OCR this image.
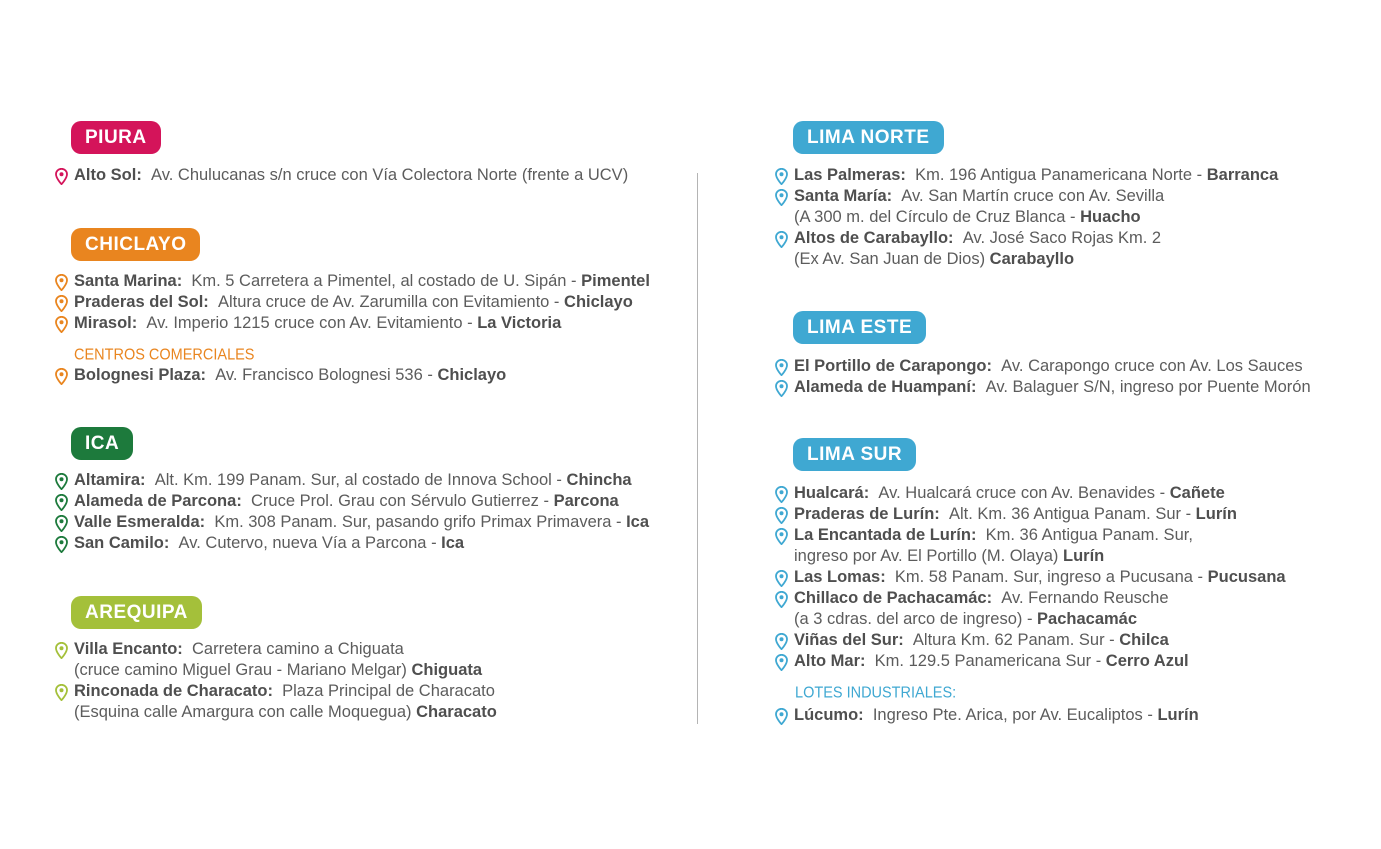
PIURA
Alto Sol:  Av. Chulucanas s/n cruce con Vía Colectora Norte (frente a UCV)
CHICLAYO
Santa Marina:  Km. 5 Carretera a Pimentel, al costado de U. Sipán - Pimentel
Praderas del Sol:  Altura cruce de Av. Zarumilla con Evitamiento - Chiclayo
Mirasol:  Av. Imperio 1215 cruce con Av. Evitamiento - La Victoria
CENTROS COMERCIALES
Bolognesi Plaza:  Av. Francisco Bolognesi 536 - Chiclayo
ICA
Altamira:  Alt. Km. 199 Panam. Sur, al costado de Innova School - Chincha
Alameda de Parcona:  Cruce Prol. Grau con Sérvulo Gutierrez - Parcona
Valle Esmeralda:  Km. 308 Panam. Sur, pasando grifo Primax Primavera - Ica
San Camilo:  Av. Cutervo, nueva Vía a Parcona - Ica
AREQUIPA
Villa Encanto:  Carretera camino a Chiguata
(cruce camino Miguel Grau - Mariano Melgar) Chiguata
Rinconada de Characato:  Plaza Principal de Characato
(Esquina calle Amargura con calle Moquegua) Characato
LIMA NORTE
Las Palmeras:  Km. 196 Antigua Panamericana Norte - Barranca
Santa María:  Av. San Martín cruce con Av. Sevilla
(A 300 m. del Círculo de Cruz Blanca - Huacho
Altos de Carabayllo:  Av. José Saco Rojas Km. 2
(Ex Av. San Juan de Dios) Carabayllo
LIMA ESTE
El Portillo de Carapongo:  Av. Carapongo cruce con Av. Los Sauces
Alameda de Huampaní:  Av. Balaguer S/N, ingreso por Puente Morón
LIMA SUR
Hualcará:  Av. Hualcará cruce con Av. Benavides - Cañete
Praderas de Lurín:  Alt. Km. 36 Antigua Panam. Sur - Lurín
La Encantada de Lurín:  Km. 36 Antigua Panam. Sur,
ingreso por Av. El Portillo (M. Olaya) Lurín
Las Lomas:  Km. 58 Panam. Sur, ingreso a Pucusana - Pucusana
Chillaco de Pachacamác:  Av. Fernando Reusche
(a 3 cdras. del arco de ingreso) - Pachacamác
Viñas del Sur:  Altura Km. 62 Panam. Sur - Chilca
Alto Mar:  Km. 129.5 Panamericana Sur - Cerro Azul
LOTES INDUSTRIALES:
Lúcumo:  Ingreso Pte. Arica, por Av. Eucaliptos - Lurín
